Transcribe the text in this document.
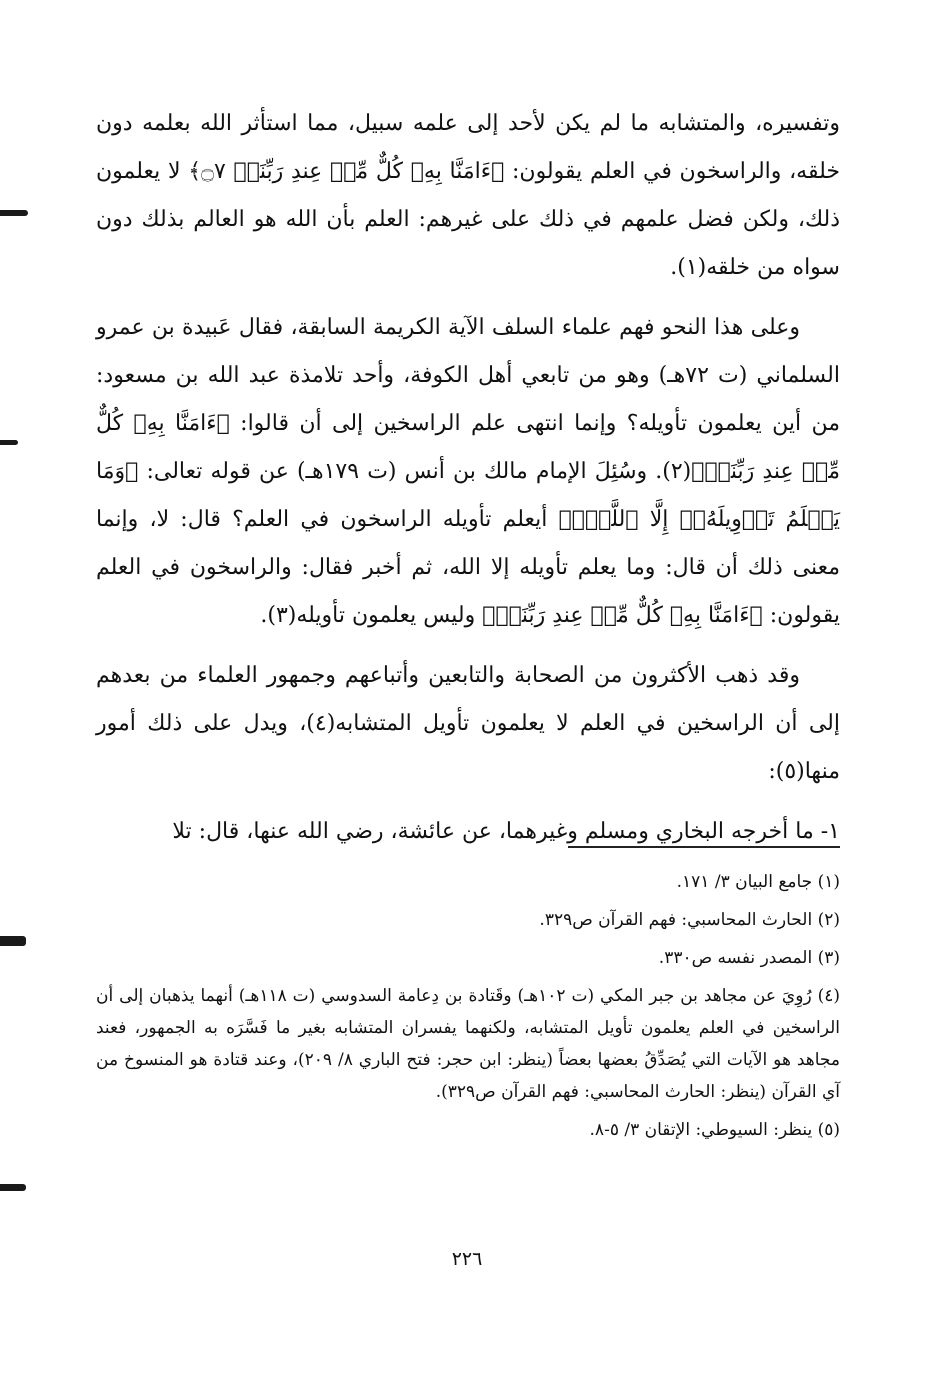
وتفسيره، والمتشابه ما لم يكن لأحد إلى علمه سبيل، مما استأثر الله بعلمه دون خلقه، والراسخون في العلم يقولون: ﴿ءَامَنَّا بِهِۦ كُلٌّ مِّنۡ عِندِ رَبِّنَاۗ ۝٧﴾ لا يعلمون ذلك، ولكن فضل علمهم في ذلك على غيرهم: العلم بأن الله هو العالم بذلك دون سواه من خلقه(١).

وعلى هذا النحو فهم علماء السلف الآية الكريمة السابقة، فقال عَبيدة بن عمرو السلماني (ت ٧٢هـ) وهو من تابعي أهل الكوفة، وأحد تلامذة عبد الله بن مسعود: من أين يعلمون تأويله؟ وإنما انتهى علم الراسخين إلى أن قالوا: ﴿ءَامَنَّا بِهِۦ كُلٌّ مِّنۡ عِندِ رَبِّنَاۗ﴾(٢). وسُئِلَ الإمام مالك بن أنس (ت ١٧٩هـ) عن قوله تعالى: ﴿وَمَا يَعۡلَمُ تَأۡوِيلَهُۥٓ إِلَّا ٱللَّهُۗ﴾ أيعلم تأويله الراسخون في العلم؟ قال: لا، وإنما معنى ذلك أن قال: وما يعلم تأويله إلا الله، ثم أخبر فقال: والراسخون في العلم يقولون: ﴿ءَامَنَّا بِهِۦ كُلٌّ مِّنۡ عِندِ رَبِّنَاۗ﴾ وليس يعلمون تأويله(٣).

وقد ذهب الأكثرون من الصحابة والتابعين وأتباعهم وجمهور العلماء من بعدهم إلى أن الراسخين في العلم لا يعلمون تأويل المتشابه(٤)، ويدل على ذلك أمور منها(٥):

١- ما أخرجه البخاري ومسلم وغيرهما، عن عائشة، رضي الله عنها، قال: تلا

(١) جامع البيان ٣/ ١٧١.
(٢) الحارث المحاسبي: فهم القرآن ص٣٢٩.
(٣) المصدر نفسه ص٣٣٠.
(٤) رُوِيَ عن مجاهد بن جبر المكي (ت ١٠٢هـ) وقَتادة بن دِعامة السدوسي (ت ١١٨هـ) أنهما يذهبان إلى أن الراسخين في العلم يعلمون تأويل المتشابه، ولكنهما يفسران المتشابه بغير ما فَسَّرَه به الجمهور، فعند مجاهد هو الآيات التي يُصَدِّقُ بعضها بعضاً (ينظر: ابن حجر: فتح الباري ٨/ ٢٠٩)، وعند قتادة هو المنسوخ من آي القرآن (ينظر: الحارث المحاسبي: فهم القرآن ص٣٢٩).
(٥) ينظر: السيوطي: الإتقان ٣/ ٥-٨.
٢٢٦
